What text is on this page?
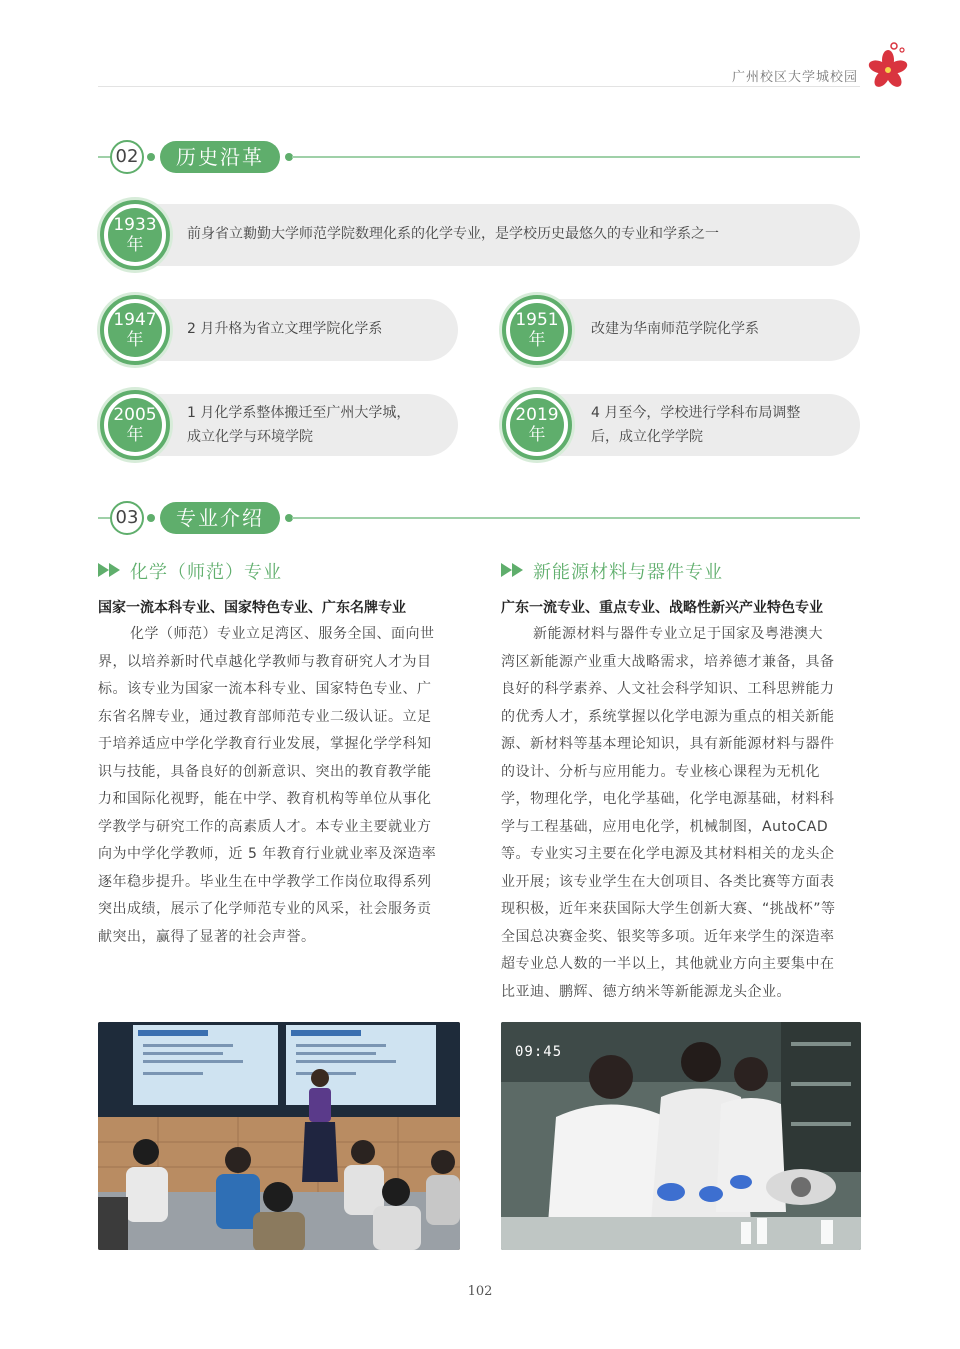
广州校区大学城校园
02	历史沿革
1933
年
前身省立勷勤大学师范学院数理化系的化学专业，是学校历史最悠久的专业和学系之一
1947
年
2 月升格为省立文理学院化学系	1951
年
改建为华南师范学院化学系
2005
年
1 月化学系整体搬迁至广州大学城，
成立化学与环境学院
2019
年
4 月至今，学校进行学科布局调整
后，成立化学学院
03	专业介绍
化学（师范）专业
国家一流本科专业、国家特色专业、广东名牌专业
化学（师范）专业立足湾区、服务全国、面向世
界，以培养新时代卓越化学教师与教育研究人才为目
标。该专业为国家一流本科专业、国家特色专业、广
东省名牌专业，通过教育部师范专业二级认证。立足
于培养适应中学化学教育行业发展，掌握化学学科知
识与技能，具备良好的创新意识、突出的教育教学能
力和国际化视野，能在中学、教育机构等单位从事化
学教学与研究工作的高素质人才。本专业主要就业方
向为中学化学教师，近 5 年教育行业就业率及深造率
逐年稳步提升。毕业生在中学教学工作岗位取得系列
突出成绩，展示了化学师范专业的风采，社会服务贡
献突出，赢得了显著的社会声誉。
新能源材料与器件专业
广东一流专业、重点专业、战略性新兴产业特色专业
新能源材料与器件专业立足于国家及粤港澳大
湾区新能源产业重大战略需求，培养德才兼备，具备
良好的科学素养、人文社会科学知识、工科思辨能力
的优秀人才，系统掌握以化学电源为重点的相关新能
源、新材料等基本理论知识，具有新能源材料与器件
的设计、分析与应用能力。专业核心课程为无机化
学，物理化学，电化学基础，化学电源基础，材料科
学与工程基础，应用电化学，机械制图，AutoCAD
等。专业实习主要在化学电源及其材料相关的龙头企
业开展；该专业学生在大创项目、各类比赛等方面表
现积极，近年来获国际大学生创新大赛、“挑战杯”等
全国总决赛金奖、银奖等多项。近年来学生的深造率
超专业总人数的一半以上，其他就业方向主要集中在
比亚迪、鹏辉、德方纳米等新能源龙头企业。
09:45
102
